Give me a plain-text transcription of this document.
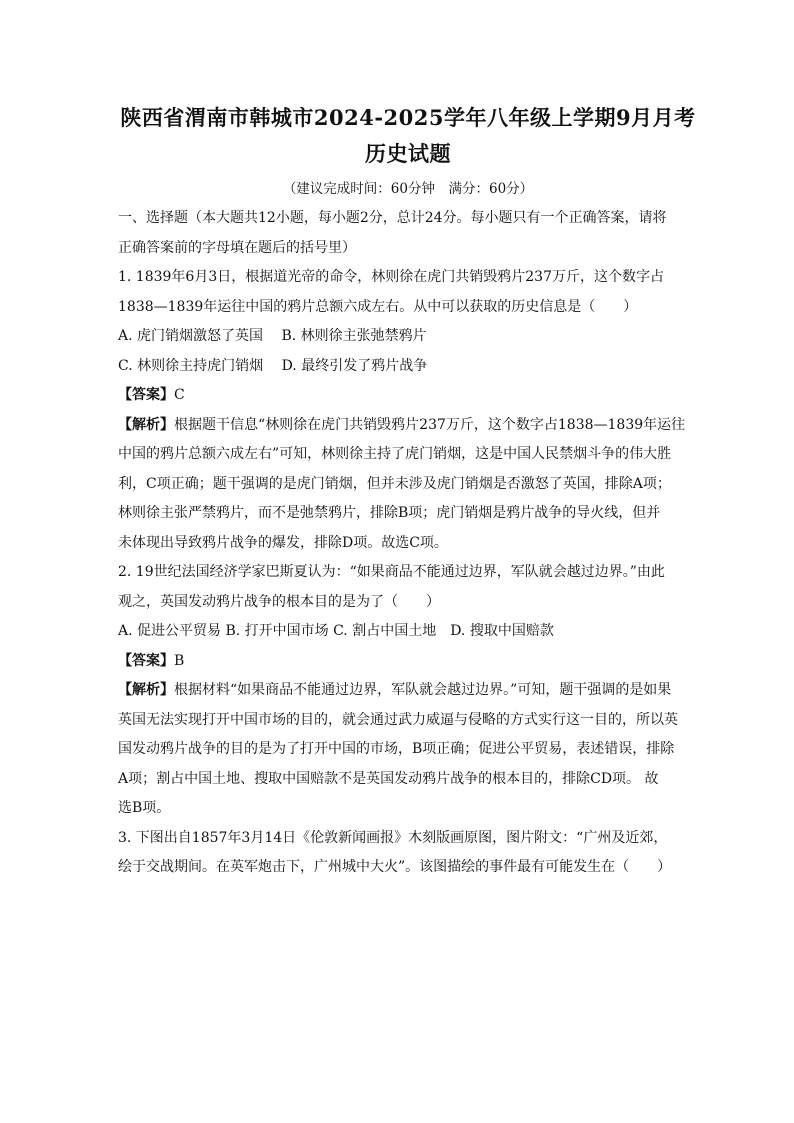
陕西省渭南市韩城市2024-2025学年八年级上学期9月月考
历史试题
（建议完成时间：60分钟　满分：60分）
一、选择题（本大题共12小题，每小题2分，总计24分。每小题只有一个正确答案，请将
正确答案前的字母填在题后的括号里）
1. 1839年6月3日，根据道光帝的命令，林则徐在虎门共销毁鸦片237万斤，这个数字占
1838—1839年运往中国的鸦片总额六成左右。从中可以获取的历史信息是（　　）
A. 虎门销烟激怒了英国　 B. 林则徐主张弛禁鸦片
C. 林则徐主持虎门销烟　 D. 最终引发了鸦片战争
【答案】C
【解析】根据题干信息“林则徐在虎门共销毁鸦片237万斤，这个数字占1838—1839年运往
中国的鸦片总额六成左右”可知，林则徐主持了虎门销烟，这是中国人民禁烟斗争的伟大胜
利，C项正确；题干强调的是虎门销烟，但并未涉及虎门销烟是否激怒了英国，排除A项；
林则徐主张严禁鸦片，而不是弛禁鸦片，排除B项；虎门销烟是鸦片战争的导火线，但并
未体现出导致鸦片战争的爆发，排除D项。故选C项。
2. 19世纪法国经济学家巴斯夏认为：“如果商品不能通过边界，军队就会越过边界。”由此
观之，英国发动鸦片战争的根本目的是为了（　　）
A. 促进公平贸易 B. 打开中国市场 C. 割占中国土地　D. 搜取中国赔款
【答案】B
【解析】根据材料“如果商品不能通过边界，军队就会越过边界。”可知，题干强调的是如果
英国无法实现打开中国市场的目的，就会通过武力威逼与侵略的方式实行这一目的，所以英
国发动鸦片战争的目的是为了打开中国的市场，B项正确；促进公平贸易，表述错误，排除
A项；割占中国土地、搜取中国赔款不是英国发动鸦片战争的根本目的，排除CD项。 故
选B项。
3. 下图出自1857年3月14日《伦敦新闻画报》木刻版画原图，图片附文：“广州及近郊，
绘于交战期间。在英军炮击下，广州城中大火”。该图描绘的事件最有可能发生在（　　）
